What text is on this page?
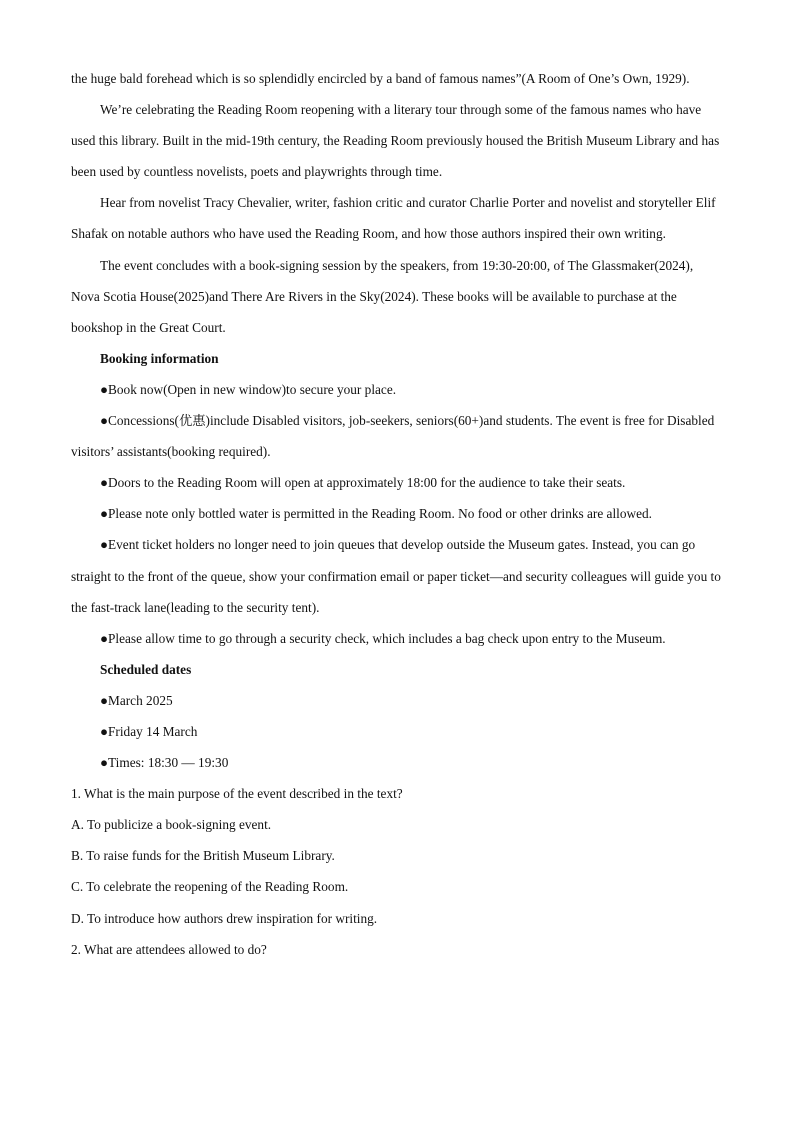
the huge bald forehead which is so splendidly encircled by a band of famous names”(A Room of One’s Own, 1929).

We’re celebrating the Reading Room reopening with a literary tour through some of the famous names who have used this library. Built in the mid-19th century, the Reading Room previously housed the British Museum Library and has been used by countless novelists, poets and playwrights through time.

Hear from novelist Tracy Chevalier, writer, fashion critic and curator Charlie Porter and novelist and storyteller Elif Shafak on notable authors who have used the Reading Room, and how those authors inspired their own writing.

The event concludes with a book-signing session by the speakers, from 19:30-20:00, of The Glassmaker(2024), Nova Scotia House(2025)and There Are Rivers in the Sky(2024). These books will be available to purchase at the bookshop in the Great Court.

Booking information

●Book now(Open in new window)to secure your place.

●Concessions(优惠)include Disabled visitors, job-seekers, seniors(60+)and students. The event is free for Disabled visitors’ assistants(booking required).

●Doors to the Reading Room will open at approximately 18:00 for the audience to take their seats.

●Please note only bottled water is permitted in the Reading Room. No food or other drinks are allowed.

●Event ticket holders no longer need to join queues that develop outside the Museum gates. Instead, you can go straight to the front of the queue, show your confirmation email or paper ticket—and security colleagues will guide you to the fast-track lane(leading to the security tent).

●Please allow time to go through a security check, which includes a bag check upon entry to the Museum.

Scheduled dates

●March 2025

●Friday 14 March

●Times: 18:30 — 19:30

1. What is the main purpose of the event described in the text?

A. To publicize a book-signing event.

B. To raise funds for the British Museum Library.

C. To celebrate the reopening of the Reading Room.

D. To introduce how authors drew inspiration for writing.

2. What are attendees allowed to do?
